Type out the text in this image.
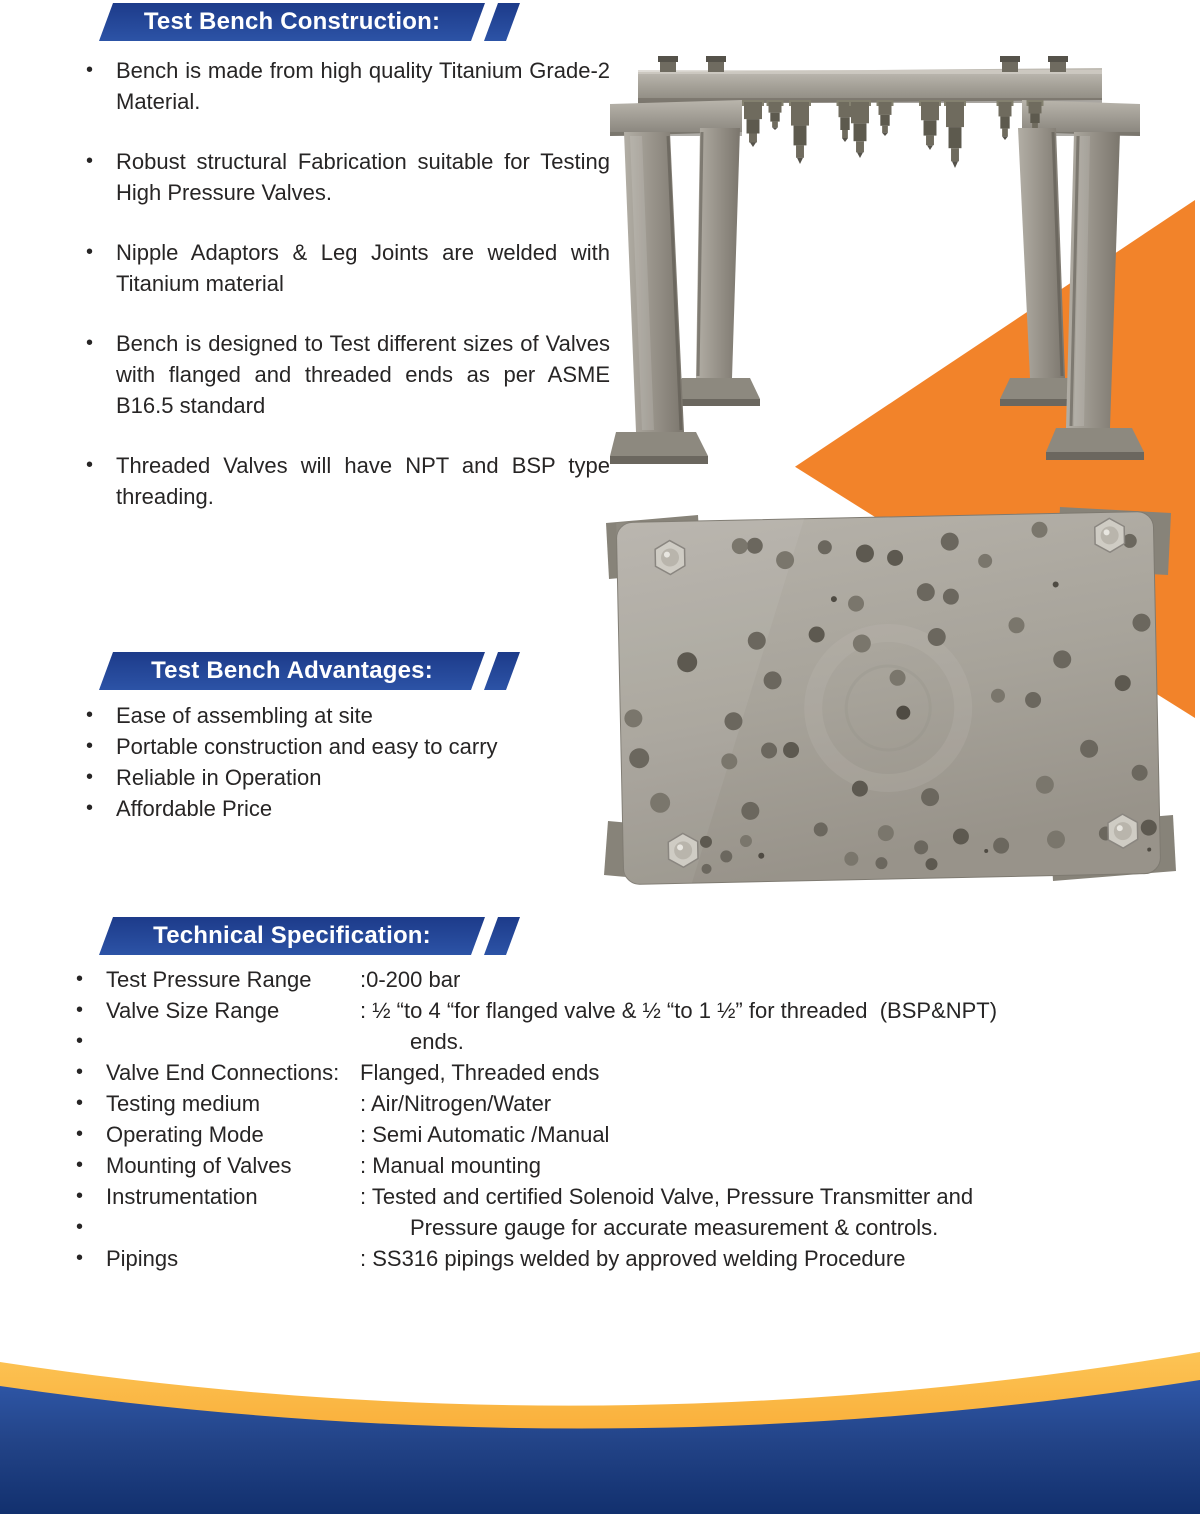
Test Bench Construction:
•	Bench is made from high quality Titanium Grade-2 Material.

•	Robust structural Fabrication suitable for Testing High Pressure Valves.

•	Nipple Adaptors & Leg Joints are welded with Titanium material

•	Bench is designed to Test different sizes of Valves with flanged and threaded ends as per ASME B16.5 standard

•	Threaded Valves will have NPT and BSP type threading.

Test Bench Advantages:
•	Ease of assembling at site

•	Portable construction and easy to carry

•	Reliable in Operation

•	Affordable Price

Technical Specification:
•	Test Pressure Range	:0-200 bar
•	Valve Size Range	: ½ “to 4 “for flanged valve & ½ “to 1 ½” for threaded  (BSP&NPT)
•	ends.
•	Valve End Connections: Flanged, Threaded ends
•	Testing medium	: Air/Nitrogen/Water
•	Operating Mode	: Semi Automatic /Manual
•	Mounting of Valves	: Manual mounting
•	Instrumentation	: Tested and certified Solenoid Valve, Pressure Transmitter and
•	Pressure gauge for accurate measurement & controls.
•	Pipings	: SS316 pipings welded by approved welding Procedure
